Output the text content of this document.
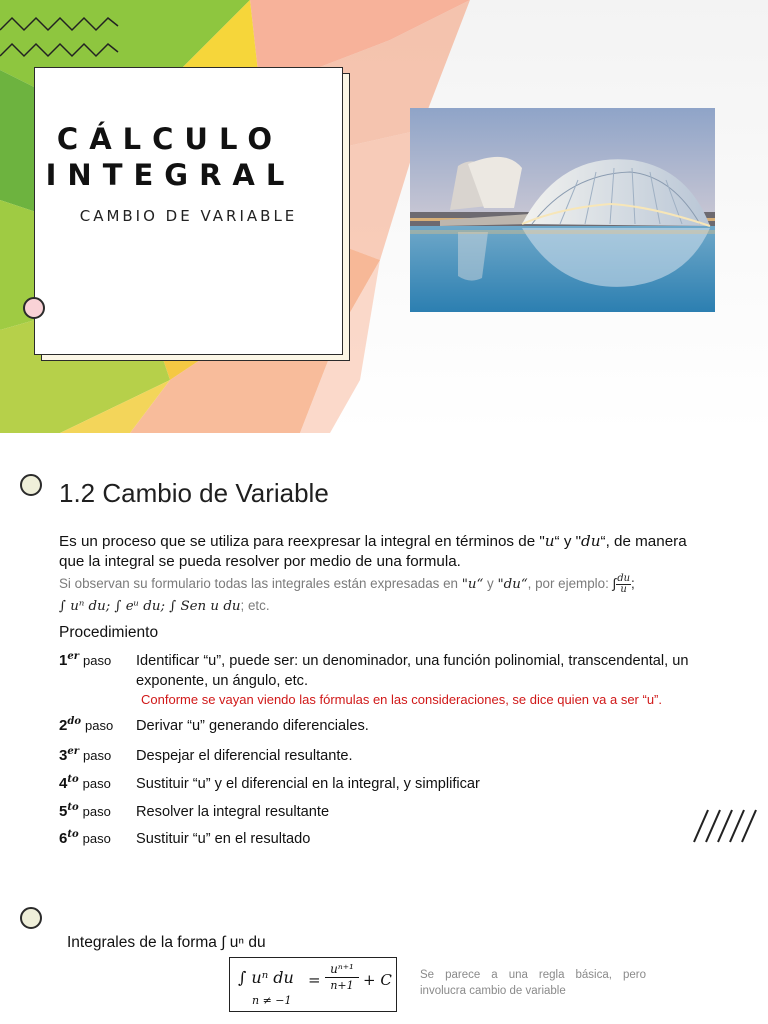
CÁLCULO
INTEGRAL
CAMBIO DE VARIABLE
1.2 Cambio de Variable
Es un proceso que se utiliza para reexpresar la integral en términos de "u“ y "du“, de manera que la integral se pueda resolver por medio de una formula.
Si observan su formulario todas las integrales están expresadas en "u“ y "du“, por ejemplo: ∫ $\frac{du}{u}$ ;
∫ uⁿ du; ∫ eᵘ du; ∫ Sen u du; etc.
Procedimiento
1er paso Identificar “u”, puede ser: un denominador, una función polinomial, transcendental, un exponente, un ángulo, etc.
Conforme se vayan viendo las fórmulas en las consideraciones, se dice quien va a ser “u”.
$2^{do}$ paso Derivar “u” generando diferenciales.
3er paso Despejar el diferencial resultante.
$4^{to}$ paso Sustituir “u” y el diferencial en la integral, y simplificar
$5^{to}$ paso Resolver la integral resultante
$6^{to}$ paso Sustituir “u” en el resultado
Integrales de la forma ∫ uⁿ du
∫ uⁿ du
n ≠ −1
=
uⁿ⁺¹
n+1 + C Se parece a una regla básica, pero involucra cambio de variable
